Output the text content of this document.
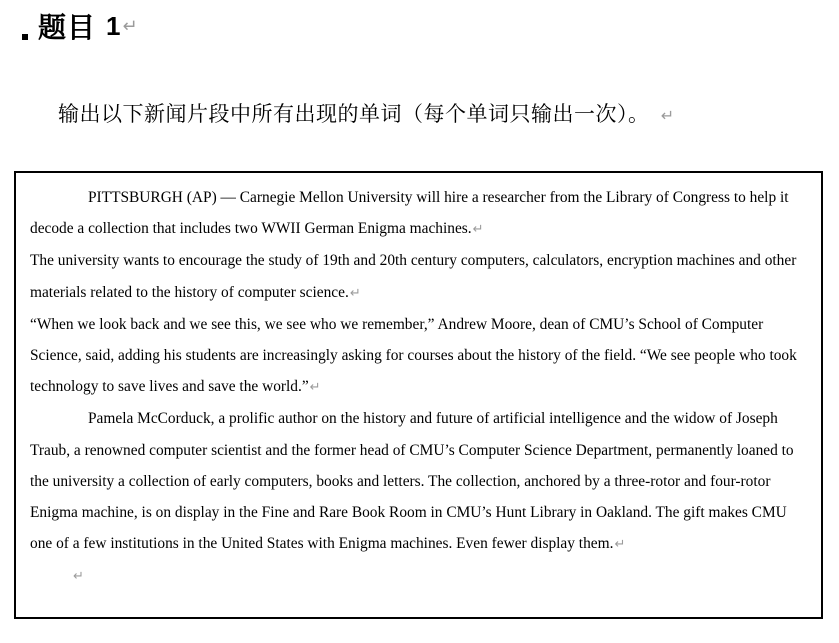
题目 1 ↵
输出以下新闻片段中所有出现的单词（每个单词只输出一次）。 ↵

PITTSBURGH (AP) — Carnegie Mellon University will hire a researcher from the Library of Congress to help it decode a collection that includes two WWII German Enigma machines.↵

The university wants to encourage the study of 19th and 20th century computers, calculators, encryption machines and other materials related to the history of computer science.↵

“When we look back and we see this, we see who we remember,” Andrew Moore, dean of CMU’s School of Computer Science, said, adding his students are increasingly asking for courses about the history of the field. “We see people who took technology to save lives and save the world.”↵

Pamela McCorduck, a prolific author on the history and future of artificial intelligence and the widow of Joseph Traub, a renowned computer scientist and the former head of CMU’s Computer Science Department, permanently loaned to the university a collection of early computers, books and letters. The collection, anchored by a three-rotor and four-rotor Enigma machine, is on display in the Fine and Rare Book Room in CMU’s Hunt Library in Oakland. The gift makes CMU one of a few institutions in the United States with Enigma machines. Even fewer display them.↵

↵
